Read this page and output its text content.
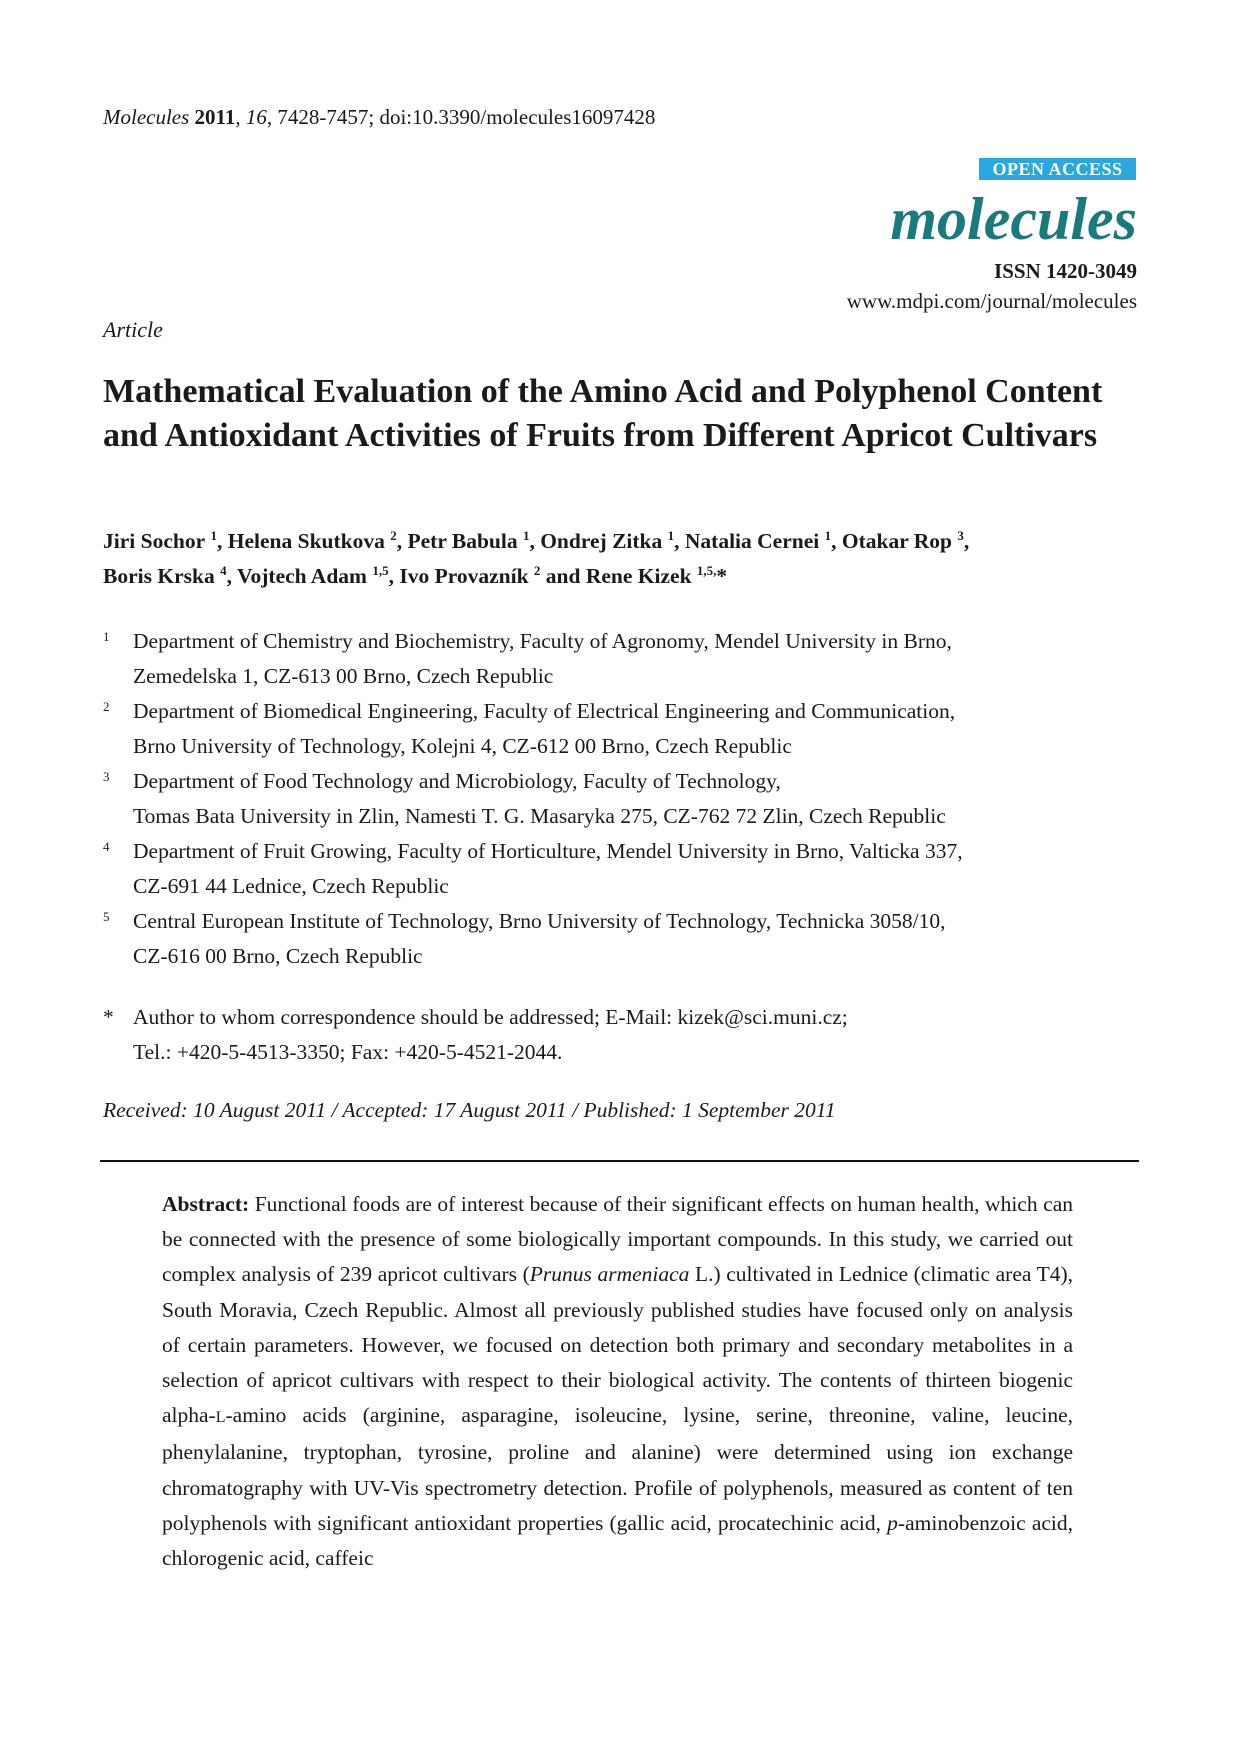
Molecules 2011, 16, 7428-7457; doi:10.3390/molecules16097428
OPEN ACCESS
molecules
ISSN 1420-3049
www.mdpi.com/journal/molecules
Article
Mathematical Evaluation of the Amino Acid and Polyphenol Content and Antioxidant Activities of Fruits from Different Apricot Cultivars
Jiri Sochor $^1$, Helena Skutkova $^2$, Petr Babula $^1$, Ondrej Zitka $^1$, Natalia Cernei $^1$, Otakar Rop $^3$,
Boris Krska $^4$, Vojtech Adam $^{1,5}$, Ivo Provazník $^2$ and Rene Kizek $^{1,5,}$*
1 Department of Chemistry and Biochemistry, Faculty of Agronomy, Mendel University in Brno,
Zemedelska 1, CZ-613 00 Brno, Czech Republic
2 Department of Biomedical Engineering, Faculty of Electrical Engineering and Communication,
Brno University of Technology, Kolejni 4, CZ-612 00 Brno, Czech Republic
3 Department of Food Technology and Microbiology, Faculty of Technology,
Tomas Bata University in Zlin, Namesti T. G. Masaryka 275, CZ-762 72 Zlin, Czech Republic
4 Department of Fruit Growing, Faculty of Horticulture, Mendel University in Brno, Valticka 337,
CZ-691 44 Lednice, Czech Republic
5 Central European Institute of Technology, Brno University of Technology, Technicka 3058/10,
CZ-616 00 Brno, Czech Republic
* Author to whom correspondence should be addressed; E-Mail: kizek@sci.muni.cz;
Tel.: +420-5-4513-3350; Fax: +420-5-4521-2044.
Received: 10 August 2011 / Accepted: 17 August 2011 / Published: 1 September 2011
Abstract: Functional foods are of interest because of their significant effects on human health, which can be connected with the presence of some biologically important compounds. In this study, we carried out complex analysis of 239 apricot cultivars (Prunus armeniaca L.) cultivated in Lednice (climatic area T4), South Moravia, Czech Republic. Almost all previously published studies have focused only on analysis of certain parameters. However, we focused on detection both primary and secondary metabolites in a selection of apricot cultivars with respect to their biological activity. The contents of thirteen biogenic alpha-L-amino acids (arginine, asparagine, isoleucine, lysine, serine, threonine, valine, leucine, phenylalanine, tryptophan, tyrosine, proline and alanine) were determined using ion exchange chromatography with UV-Vis spectrometry detection. Profile of polyphenols, measured as content of ten polyphenols with significant antioxidant properties (gallic acid, procatechinic acid, p-aminobenzoic acid, chlorogenic acid, caffeic
